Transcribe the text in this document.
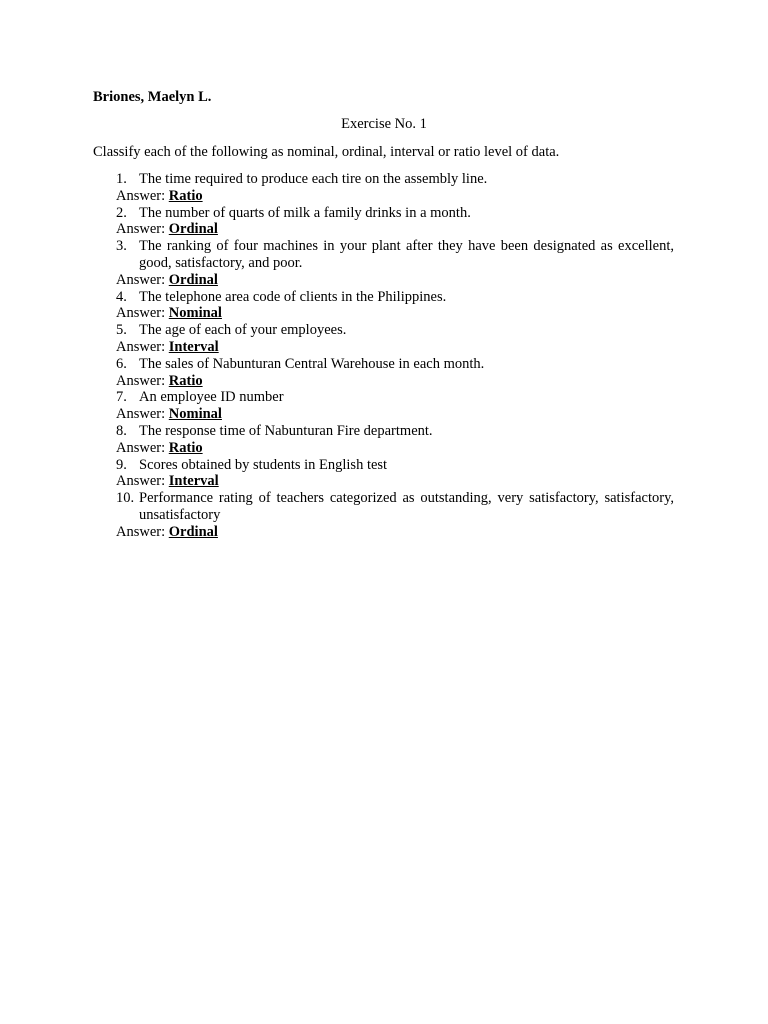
Briones, Maelyn L.
Exercise No. 1
Classify each of the following as nominal, ordinal, interval or ratio level of data.
1. The time required to produce each tire on the assembly line.
Answer: Ratio
2. The number of quarts of milk a family drinks in a month.
Answer: Ordinal
3. The ranking of four machines in your plant after they have been designated as excellent, good, satisfactory, and poor.
Answer: Ordinal
4. The telephone area code of clients in the Philippines.
Answer: Nominal
5. The age of each of your employees.
Answer: Interval
6. The sales of Nabunturan Central Warehouse in each month.
Answer: Ratio
7. An employee ID number
Answer: Nominal
8. The response time of Nabunturan Fire department.
Answer: Ratio
9. Scores obtained by students in English test
Answer: Interval
10. Performance rating of teachers categorized as outstanding, very satisfactory, satisfactory, unsatisfactory
Answer: Ordinal
